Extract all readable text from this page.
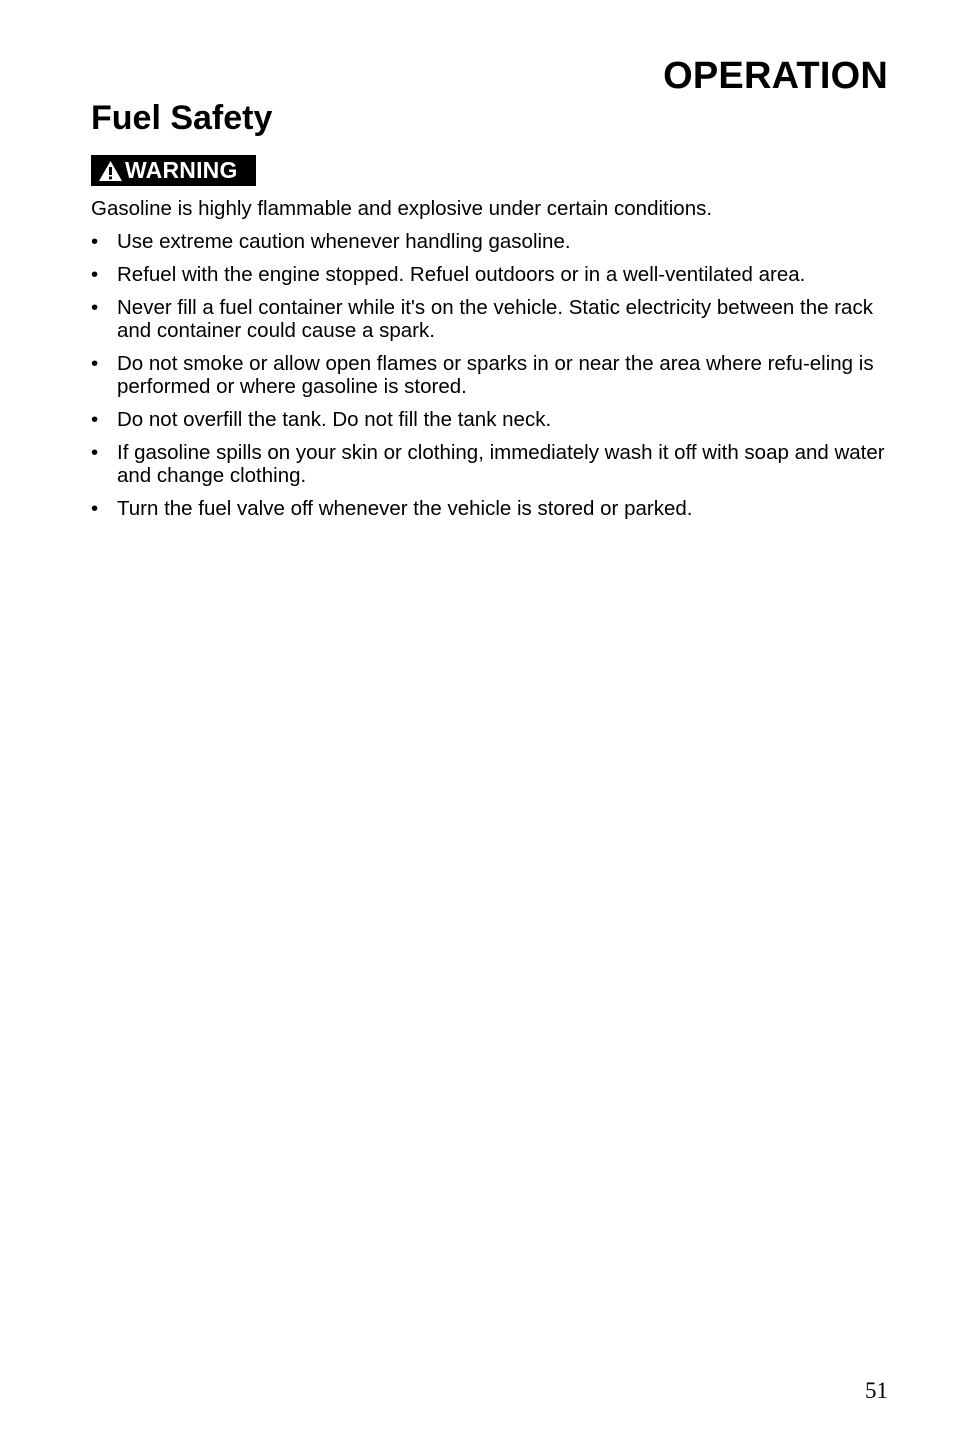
OPERATION
Fuel Safety
WARNING

Gasoline is highly flammable and explosive under certain conditions.

• Use extreme caution whenever handling gasoline.
• Refuel with the engine stopped. Refuel outdoors or in a well-ventilated area.
• Never fill a fuel container while it's on the vehicle. Static electricity between the rack and container could cause a spark.
• Do not smoke or allow open flames or sparks in or near the area where refu-eling is performed or where gasoline is stored.
• Do not overfill the tank. Do not fill the tank neck.
• If gasoline spills on your skin or clothing, immediately wash it off with soap and water and change clothing.
• Turn the fuel valve off whenever the vehicle is stored or parked.
51
